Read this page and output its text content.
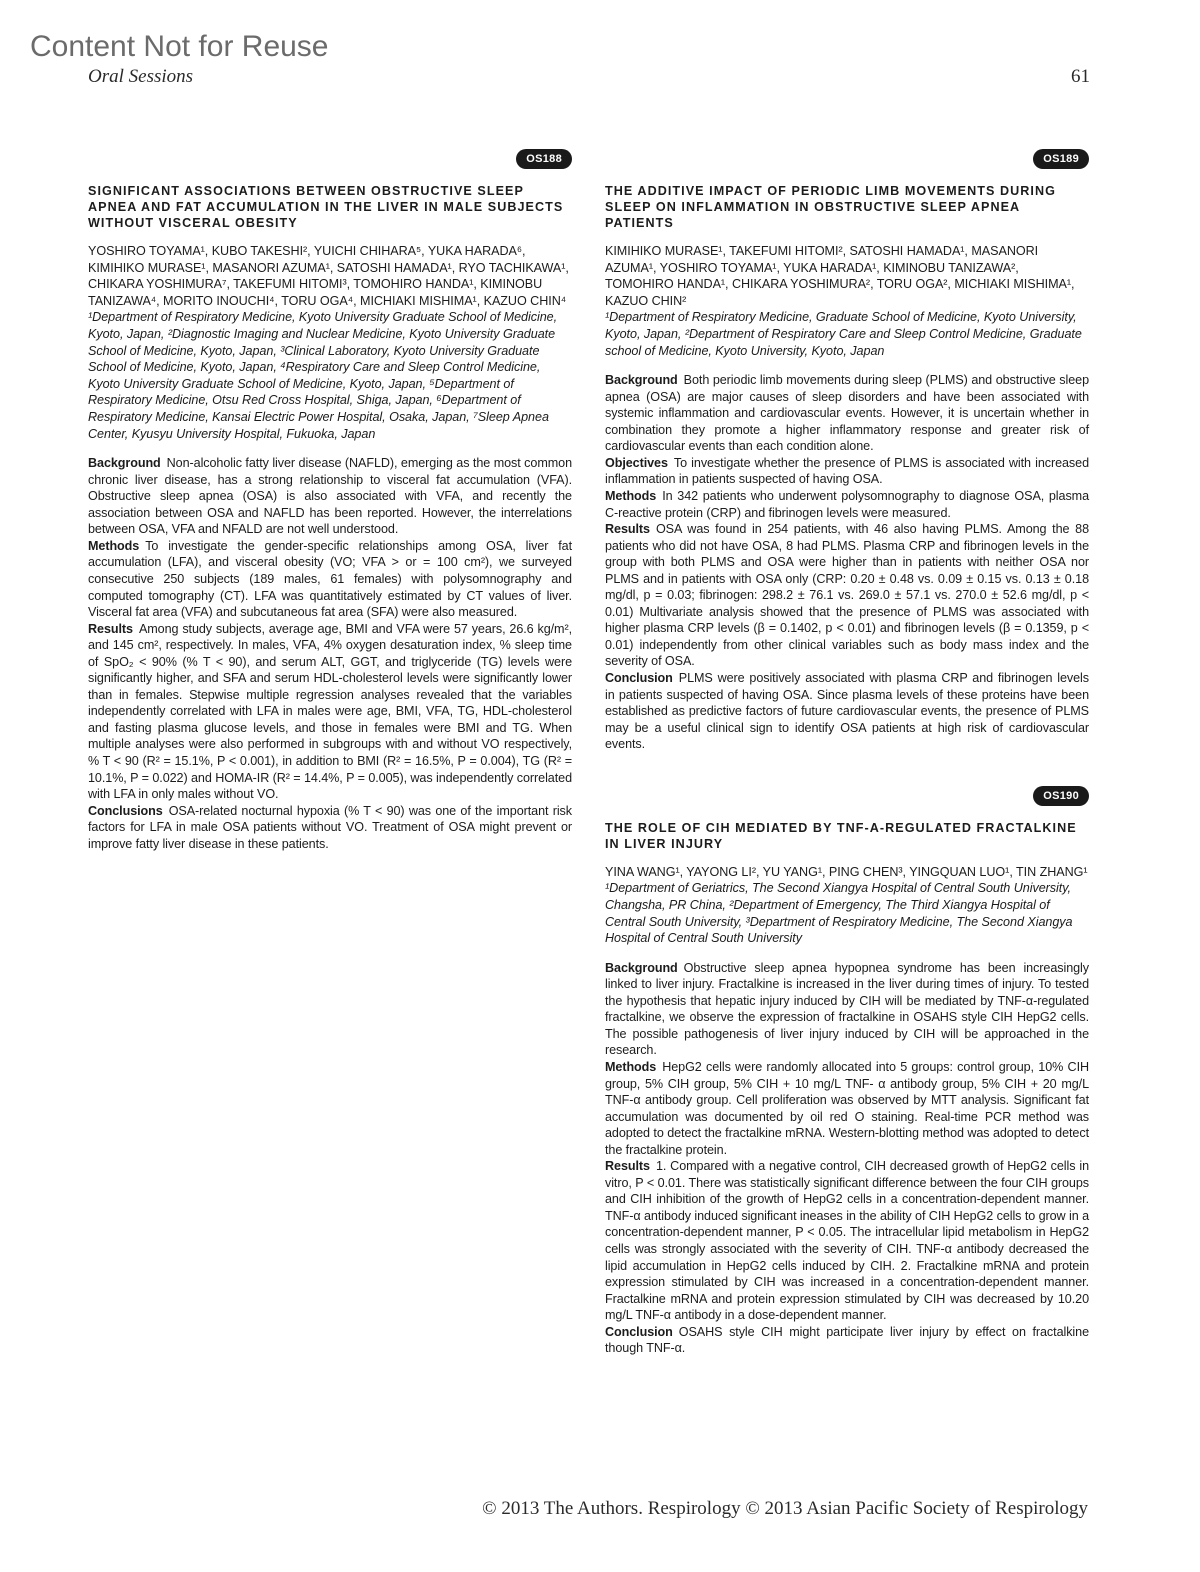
Content Not for Reuse
Oral Sessions	61
OS188
SIGNIFICANT ASSOCIATIONS BETWEEN OBSTRUCTIVE SLEEP APNEA AND FAT ACCUMULATION IN THE LIVER IN MALE SUBJECTS WITHOUT VISCERAL OBESITY

YOSHIRO TOYAMA¹, KUBO TAKESHI², YUICHI CHIHARA⁵, YUKA HARADA⁶, KIMIHIKO MURASE¹, MASANORI AZUMA¹, SATOSHI HAMADA¹, RYO TACHIKAWA¹, CHIKARA YOSHIMURA⁷, TAKEFUMI HITOMI³, TOMOHIRO HANDA¹, KIMINOBU TANIZAWA⁴, MORITO INOUCHI⁴, TORU OGA⁴, MICHIAKI MISHIMA¹, KAZUO CHIN⁴

¹Department of Respiratory Medicine, Kyoto University Graduate School of Medicine, Kyoto, Japan, ²Diagnostic Imaging and Nuclear Medicine, Kyoto University Graduate School of Medicine, Kyoto, Japan, ³Clinical Laboratory, Kyoto University Graduate School of Medicine, Kyoto, Japan, ⁴Respiratory Care and Sleep Control Medicine, Kyoto University Graduate School of Medicine, Kyoto, Japan, ⁵Department of Respiratory Medicine, Otsu Red Cross Hospital, Shiga, Japan, ⁶Department of Respiratory Medicine, Kansai Electric Power Hospital, Osaka, Japan, ⁷Sleep Apnea Center, Kyusyu University Hospital, Fukuoka, Japan

Background Non-alcoholic fatty liver disease (NAFLD), emerging as the most common chronic liver disease, has a strong relationship to visceral fat accumulation (VFA). Obstructive sleep apnea (OSA) is also associated with VFA, and recently the association between OSA and NAFLD has been reported. However, the interrelations between OSA, VFA and NFALD are not well understood.

Methods To investigate the gender-specific relationships among OSA, liver fat accumulation (LFA), and visceral obesity (VO; VFA > or = 100 cm²), we surveyed consecutive 250 subjects (189 males, 61 females) with polysomnography and computed tomography (CT). LFA was quantitatively estimated by CT values of liver. Visceral fat area (VFA) and subcutaneous fat area (SFA) were also measured.

Results Among study subjects, average age, BMI and VFA were 57 years, 26.6 kg/m², and 145 cm², respectively. In males, VFA, 4% oxygen desaturation index, % sleep time of SpO₂ < 90% (% T < 90), and serum ALT, GGT, and triglyceride (TG) levels were significantly higher, and SFA and serum HDL-cholesterol levels were significantly lower than in females. Stepwise multiple regression analyses revealed that the variables independently correlated with LFA in males were age, BMI, VFA, TG, HDL-cholesterol and fasting plasma glucose levels, and those in females were BMI and TG. When multiple analyses were also performed in subgroups with and without VO respectively, % T < 90 (R² = 15.1%, P < 0.001), in addition to BMI (R² = 16.5%, P = 0.004), TG (R² = 10.1%, P = 0.022) and HOMA-IR (R² = 14.4%, P = 0.005), was independently correlated with LFA in only males without VO.

Conclusions OSA-related nocturnal hypoxia (% T < 90) was one of the important risk factors for LFA in male OSA patients without VO. Treatment of OSA might prevent or improve fatty liver disease in these patients.

OS189
THE ADDITIVE IMPACT OF PERIODIC LIMB MOVEMENTS DURING SLEEP ON INFLAMMATION IN OBSTRUCTIVE SLEEP APNEA PATIENTS

KIMIHIKO MURASE¹, TAKEFUMI HITOMI², SATOSHI HAMADA¹, MASANORI AZUMA¹, YOSHIRO TOYAMA¹, YUKA HARADA¹, KIMINOBU TANIZAWA², TOMOHIRO HANDA¹, CHIKARA YOSHIMURA², TORU OGA², MICHIAKI MISHIMA¹, KAZUO CHIN²

¹Department of Respiratory Medicine, Graduate School of Medicine, Kyoto University, Kyoto, Japan, ²Department of Respiratory Care and Sleep Control Medicine, Graduate school of Medicine, Kyoto University, Kyoto, Japan

Background Both periodic limb movements during sleep (PLMS) and obstructive sleep apnea (OSA) are major causes of sleep disorders and have been associated with systemic inflammation and cardiovascular events. However, it is uncertain whether in combination they promote a higher inflammatory response and greater risk of cardiovascular events than each condition alone.

Objectives To investigate whether the presence of PLMS is associated with increased inflammation in patients suspected of having OSA.

Methods In 342 patients who underwent polysomnography to diagnose OSA, plasma C-reactive protein (CRP) and fibrinogen levels were measured.

Results OSA was found in 254 patients, with 46 also having PLMS. Among the 88 patients who did not have OSA, 8 had PLMS. Plasma CRP and fibrinogen levels in the group with both PLMS and OSA were higher than in patients with neither OSA nor PLMS and in patients with OSA only (CRP: 0.20 ± 0.48 vs. 0.09 ± 0.15 vs. 0.13 ± 0.18 mg/dl, p = 0.03; fibrinogen: 298.2 ± 76.1 vs. 269.0 ± 57.1 vs. 270.0 ± 52.6 mg/dl, p < 0.01) Multivariate analysis showed that the presence of PLMS was associated with higher plasma CRP levels (β = 0.1402, p < 0.01) and fibrinogen levels (β = 0.1359, p < 0.01) independently from other clinical variables such as body mass index and the severity of OSA.

Conclusion PLMS were positively associated with plasma CRP and fibrinogen levels in patients suspected of having OSA. Since plasma levels of these proteins have been established as predictive factors of future cardiovascular events, the presence of PLMS may be a useful clinical sign to identify OSA patients at high risk of cardiovascular events.

OS190
THE ROLE OF CIH MEDIATED BY TNF-Α-REGULATED FRACTALKINE IN LIVER INJURY

YINA WANG¹, YAYONG LI², YU YANG¹, PING CHEN³, YINGQUAN LUO¹, TIN ZHANG¹

¹Department of Geriatrics, The Second Xiangya Hospital of Central South University, Changsha, PR China, ²Department of Emergency, The Third Xiangya Hospital of Central South University, ³Department of Respiratory Medicine, The Second Xiangya Hospital of Central South University

Background Obstructive sleep apnea hypopnea syndrome has been increasingly linked to liver injury. Fractalkine is increased in the liver during times of injury. To tested the hypothesis that hepatic injury induced by CIH will be mediated by TNF-α-regulated fractalkine, we observe the expression of fractalkine in OSAHS style CIH HepG2 cells. The possible pathogenesis of liver injury induced by CIH will be approached in the research.

Methods HepG2 cells were randomly allocated into 5 groups: control group, 10% CIH group, 5% CIH group, 5% CIH + 10 mg/L TNF- α antibody group, 5% CIH + 20 mg/L TNF-α antibody group. Cell proliferation was observed by MTT analysis. Significant fat accumulation was documented by oil red O staining. Real-time PCR method was adopted to detect the fractalkine mRNA. Western-blotting method was adopted to detect the fractalkine protein.

Results 1. Compared with a negative control, CIH decreased growth of HepG2 cells in vitro, P < 0.01. There was statistically significant difference between the four CIH groups and CIH inhibition of the growth of HepG2 cells in a concentration-dependent manner. TNF-α antibody induced significant ineases in the ability of CIH HepG2 cells to grow in a concentration-dependent manner, P < 0.05. The intracellular lipid metabolism in HepG2 cells was strongly associated with the severity of CIH. TNF-α antibody decreased the lipid accumulation in HepG2 cells induced by CIH. 2. Fractalkine mRNA and protein expression stimulated by CIH was increased in a concentration-dependent manner. Fractalkine mRNA and protein expression stimulated by CIH was decreased by 10.20 mg/L TNF-α antibody in a dose-dependent manner.

Conclusion OSAHS style CIH might participate liver injury by effect on fractalkine though TNF-α.

© 2013 The Authors. Respirology © 2013 Asian Pacific Society of Respirology
